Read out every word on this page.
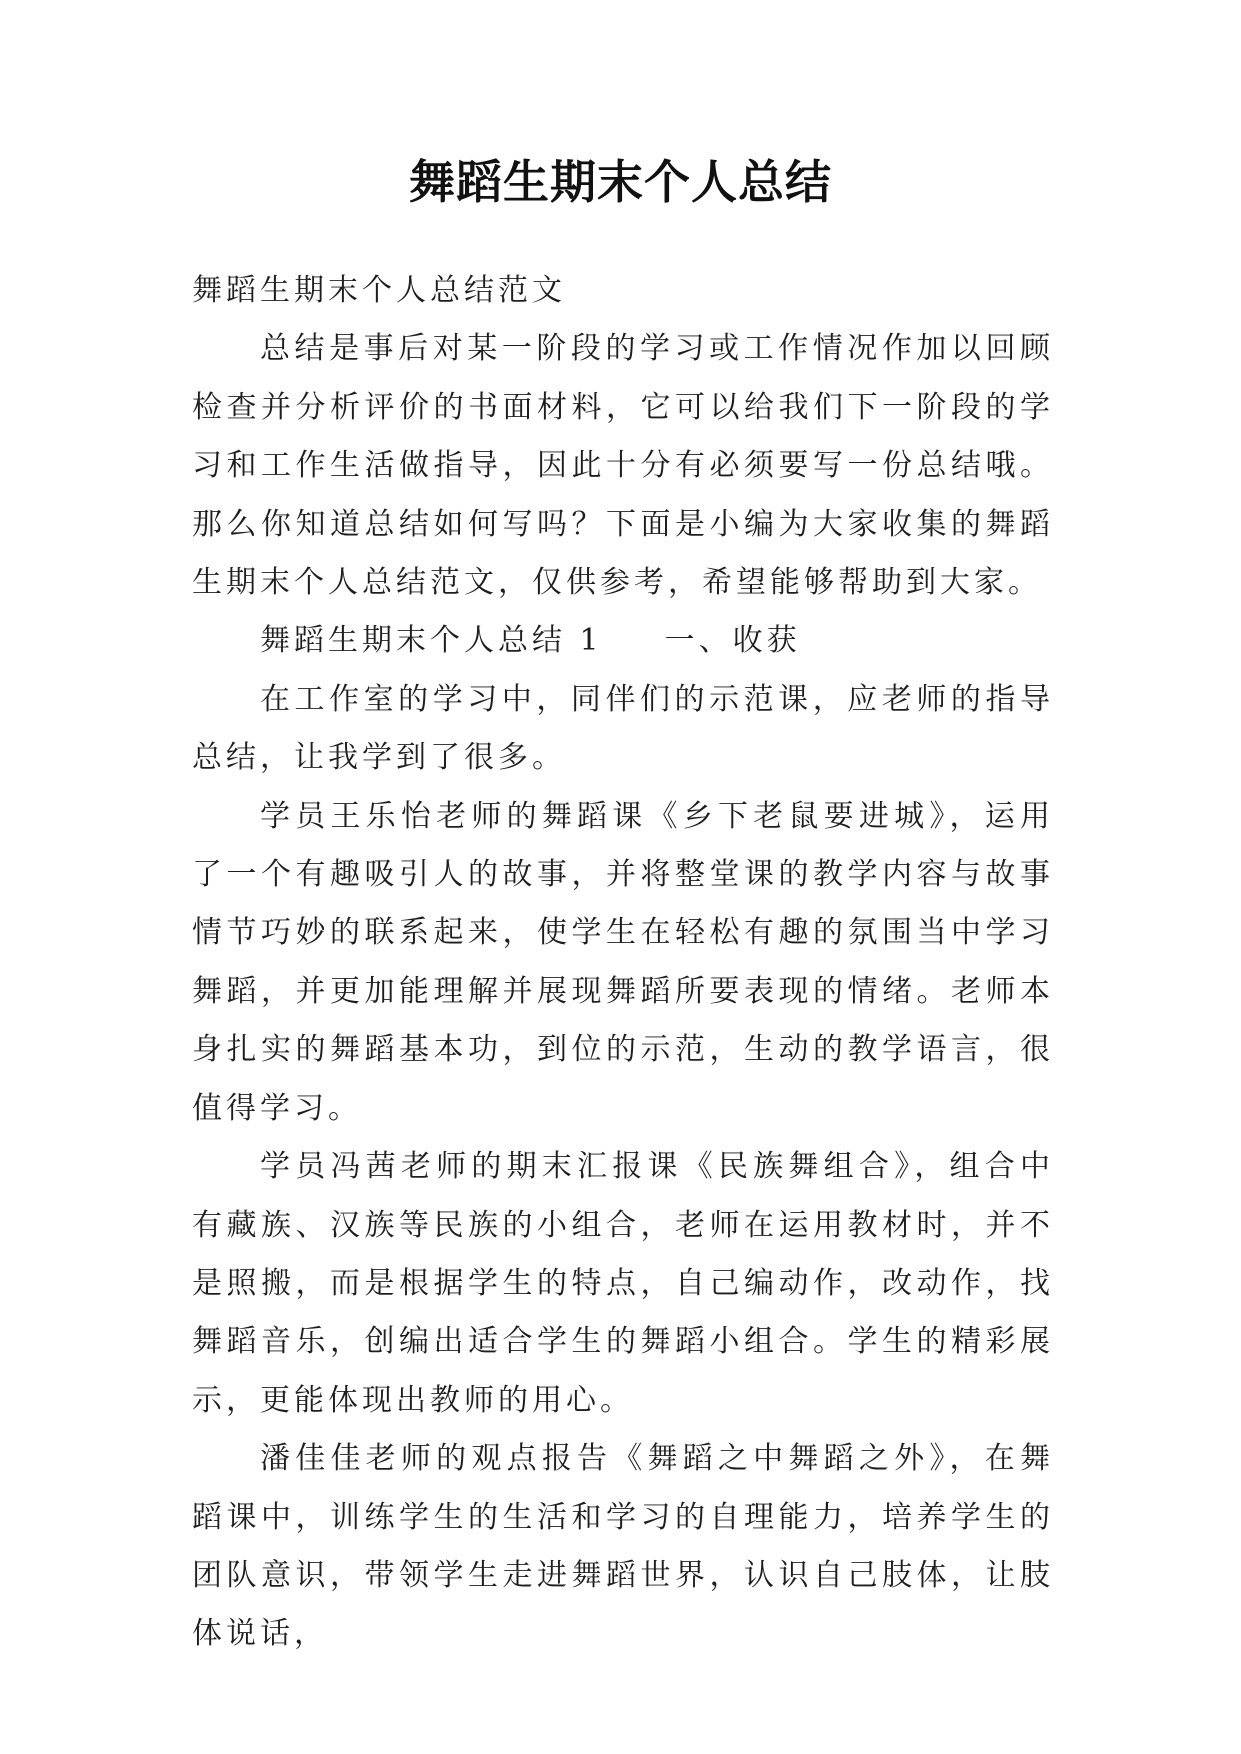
舞蹈生期末个人总结

舞蹈生期末个人总结范文

总结是事后对某一阶段的学习或工作情况作加以回顾检查并分析评价的书面材料，它可以给我们下一阶段的学习和工作生活做指导，因此十分有必须要写一份总结哦。那么你知道总结如何写吗？下面是小编为大家收集的舞蹈生期末个人总结范文，仅供参考，希望能够帮助到大家。

舞蹈生期末个人总结 1 一、收获

在工作室的学习中，同伴们的示范课，应老师的指导总结，让我学到了很多。

学员王乐怡老师的舞蹈课《乡下老鼠要进城》，运用了一个有趣吸引人的故事，并将整堂课的教学内容与故事情节巧妙的联系起来，使学生在轻松有趣的氛围当中学习舞蹈，并更加能理解并展现舞蹈所要表现的情绪。老师本身扎实的舞蹈基本功，到位的示范，生动的教学语言，很值得学习。

学员冯茜老师的期末汇报课《民族舞组合》，组合中有藏族、汉族等民族的小组合，老师在运用教材时，并不是照搬，而是根据学生的特点，自己编动作，改动作，找舞蹈音乐，创编出适合学生的舞蹈小组合。学生的精彩展示，更能体现出教师的用心。

潘佳佳老师的观点报告《舞蹈之中舞蹈之外》，在舞蹈课中，训练学生的生活和学习的自理能力，培养学生的团队意识，带领学生走进舞蹈世界，认识自己肢体，让肢体说话，
